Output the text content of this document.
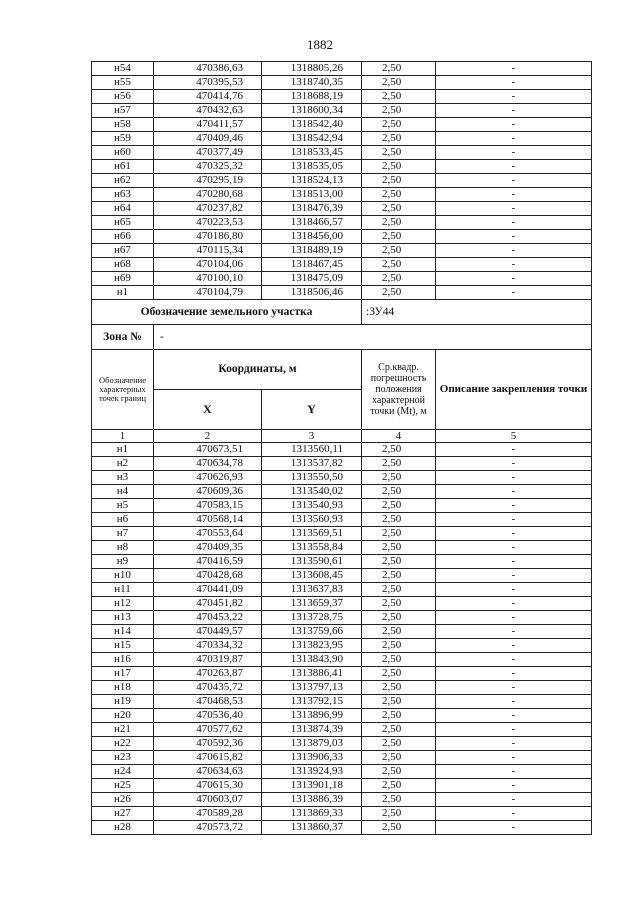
1882
н54	470386,63	1318805,26	2,50	-
н55	470395,53	1318740,35	2,50	-
н56	470414,76	1318688,19	2,50	-
н57	470432,63	1318600,34	2,50	-
н58	470411,57	1318542,40	2,50	-
н59	470409,46	1318542,94	2,50	-
н60	470377,49	1318533,45	2,50	-
н61	470325,32	1318535,05	2,50	-
н62	470295,19	1318524,13	2,50	-
н63	470280,68	1318513,00	2,50	-
н64	470237,82	1318476,39	2,50	-
н65	470223,53	1318466,57	2,50	-
н66	470186,80	1318456,00	2,50	-
н67	470115,34	1318489,19	2,50	-
н68	470104,06	1318467,45	2,50	-
н69	470100,10	1318475,09	2,50	-
н1	470104,79	1318506,46	2,50	-
Обозначение земельного участка			:ЗУ44	
Зона №	-			
Обозначение характерных точек границ	Координаты, м		Ср.квадр. погрешность положения характерной точки (Mt), м	Описание закрепления точки
	X	Y		
1	2	3	4	5
н1	470673,51	1313560,11	2,50	-
н2	470634,78	1313537,82	2,50	-
н3	470626,93	1313550,50	2,50	-
н4	470609,36	1313540,02	2,50	-
н5	470583,15	1313540,93	2,50	-
н6	470568,14	1313560,93	2,50	-
н7	470553,64	1313569,51	2,50	-
н8	470409,35	1313558,84	2,50	-
н9	470416,59	1313590,61	2,50	-
н10	470428,68	1313608,45	2,50	-
н11	470441,09	1313637,83	2,50	-
н12	470451,82	1313659,37	2,50	-
н13	470453,22	1313728,75	2,50	-
н14	470449,57	1313759,66	2,50	-
н15	470334,32	1313823,95	2,50	-
н16	470319,87	1313843,90	2,50	-
н17	470263,87	1313886,41	2,50	-
н18	470435,72	1313797,13	2,50	-
н19	470468,53	1313792,15	2,50	-
н20	470536,40	1313896,99	2,50	-
н21	470577,62	1313874,39	2,50	-
н22	470592,36	1313879,03	2,50	-
н23	470615,82	1313906,33	2,50	-
н24	470634,63	1313924,93	2,50	-
н25	470615,30	1313901,18	2,50	-
н26	470603,07	1313886,39	2,50	-
н27	470589,28	1313869,33	2,50	-
н28	470573,72	1313860,37	2,50	-
